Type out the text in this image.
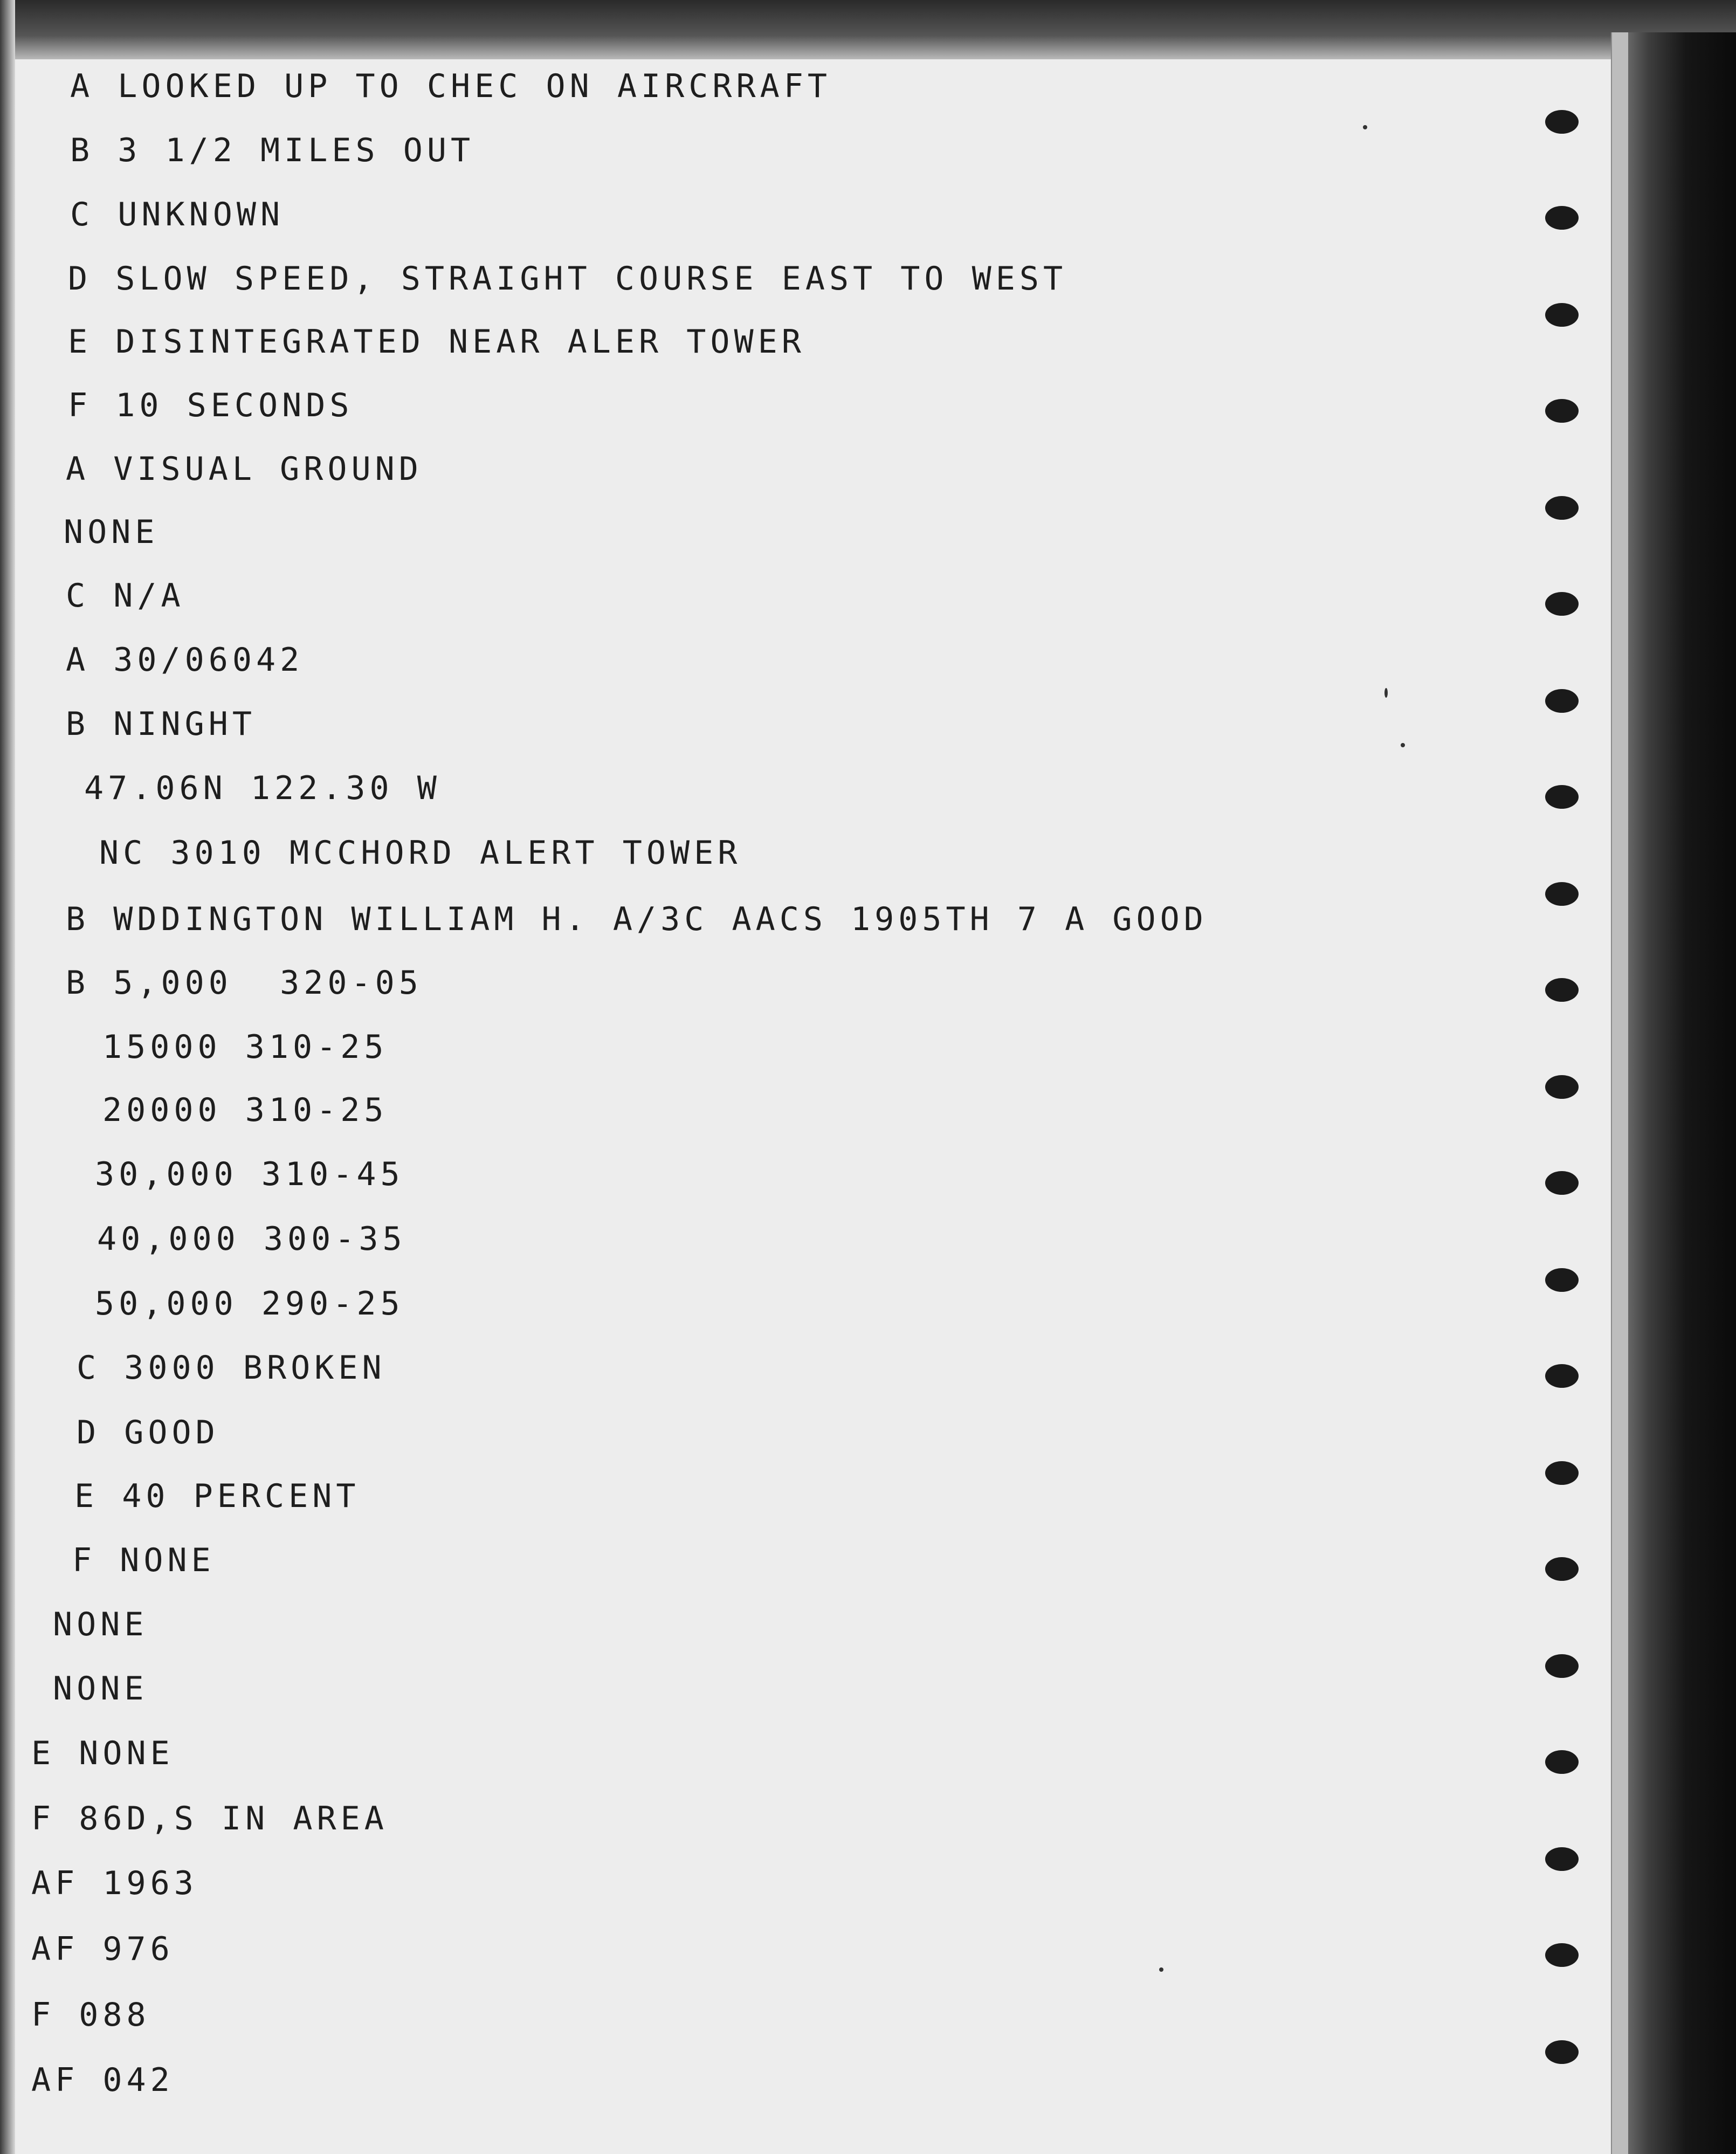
A LOOKED UP TO CHEC ON AIRCRRAFT
B 3 1/2 MILES OUT
C UNKNOWN
D SLOW SPEED, STRAIGHT COURSE EAST TO WEST
E DISINTEGRATED NEAR ALER TOWER
F 10 SECONDS
A VISUAL GROUND
NONE
C N/A
A 30/06042
B NINGHT
47.06N 122.30 W
NC 3010 MCCHORD ALERT TOWER
B WDDINGTON WILLIAM H. A/3C AACS 1905TH 7 A GOOD
B 5,000  320-05
15000 310-25
20000 310-25
30,000 310-45
40,000 300-35
50,000 290-25
C 3000 BROKEN
D GOOD
E 40 PERCENT
F NONE
NONE
NONE
E NONE
F 86D,S IN AREA
AF 1963
AF 976
F 088
AF 042
